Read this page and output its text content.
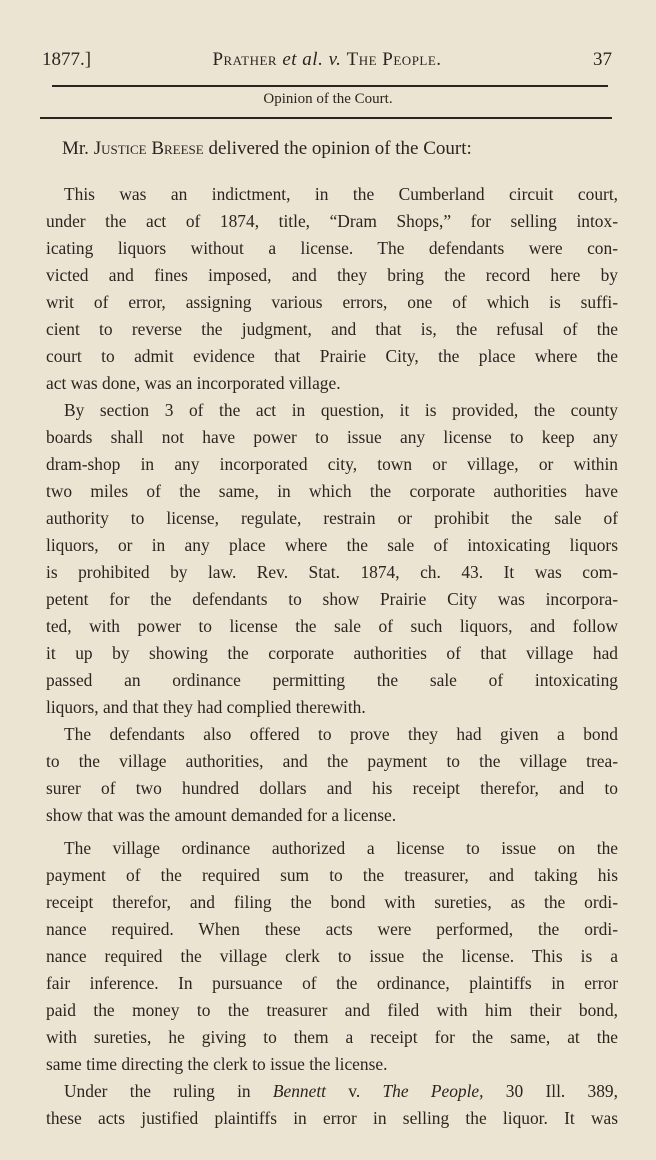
1877.]	Prather et al. v. The People.	37
Opinion of the Court.
Mr. Justice Breese delivered the opinion of the Court:
This was an indictment, in the Cumberland circuit court,
under the act of 1874, title, “Dram Shops,” for selling intox-
icating liquors without a license. The defendants were con-
victed and fines imposed, and they bring the record here by
writ of error, assigning various errors, one of which is suffi-
cient to reverse the judgment, and that is, the refusal of the
court to admit evidence that Prairie City, the place where the
act was done, was an incorporated village.
By section 3 of the act in question, it is provided, the county
boards shall not have power to issue any license to keep any
dram-shop in any incorporated city, town or village, or within
two miles of the same, in which the corporate authorities have
authority to license, regulate, restrain or prohibit the sale of
liquors, or in any place where the sale of intoxicating liquors
is prohibited by law. Rev. Stat. 1874, ch. 43. It was com-
petent for the defendants to show Prairie City was incorpora-
ted, with power to license the sale of such liquors, and follow
it up by showing the corporate authorities of that village had
passed an ordinance permitting the sale of intoxicating
liquors, and that they had complied therewith.
The defendants also offered to prove they had given a bond
to the village authorities, and the payment to the village trea-
surer of two hundred dollars and his receipt therefor, and to
show that was the amount demanded for a license.
The village ordinance authorized a license to issue on the
payment of the required sum to the treasurer, and taking his
receipt therefor, and filing the bond with sureties, as the ordi-
nance required. When these acts were performed, the ordi-
nance required the village clerk to issue the license. This is a
fair inference. In pursuance of the ordinance, plaintiffs in error
paid the money to the treasurer and filed with him their bond,
with sureties, he giving to them a receipt for the same, at the
same time directing the clerk to issue the license.
Under the ruling in Bennett v. The People, 30 Ill. 389,
these acts justified plaintiffs in error in selling the liquor. It was
